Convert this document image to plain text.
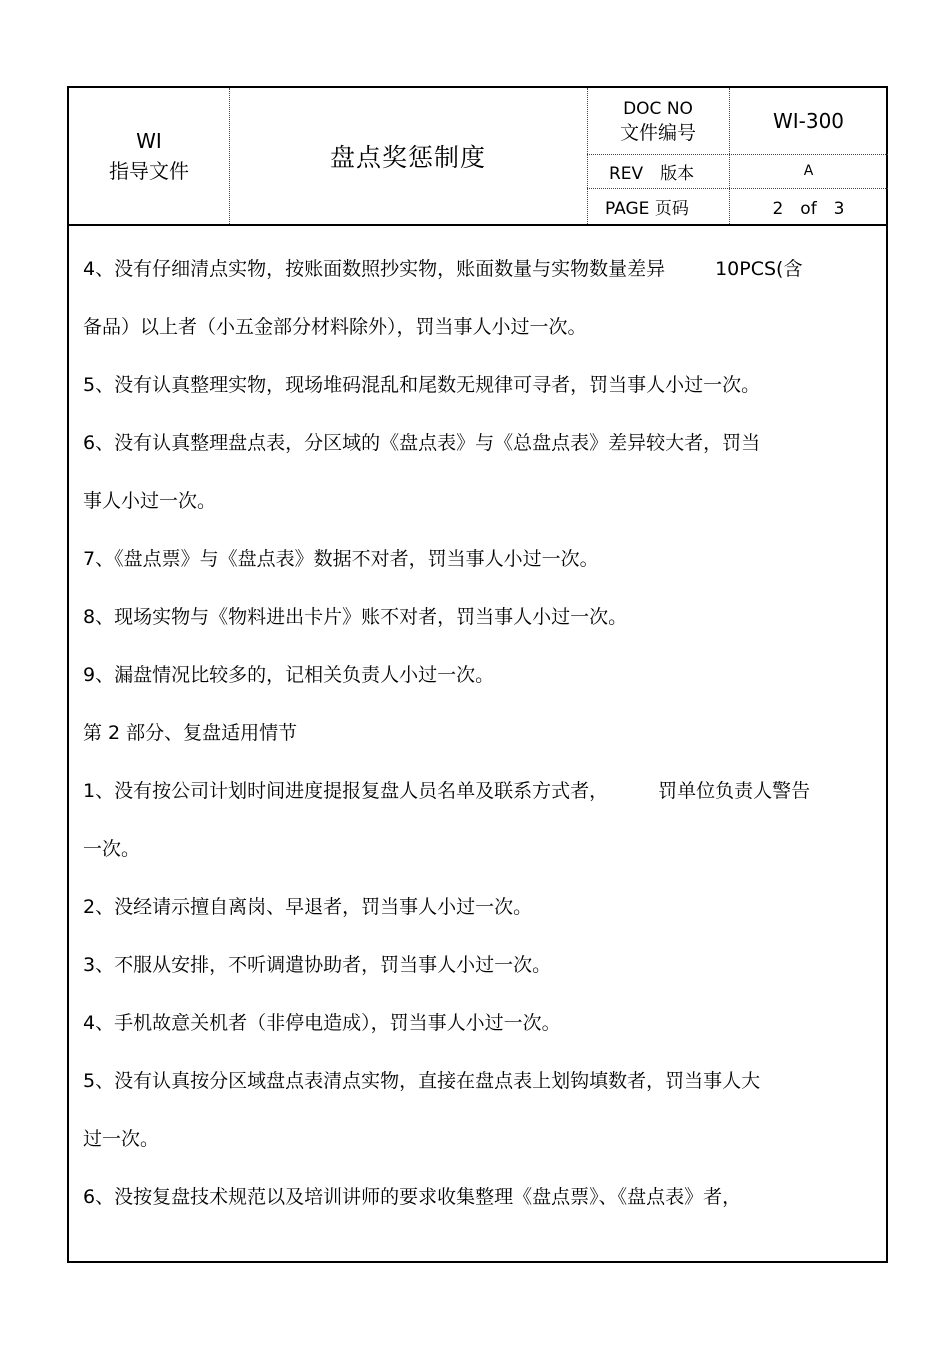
WI
指导文件	盘点奖惩制度
DOC NO
文件编号	WI-300
REV　版本	A
PAGE 页码	2　of　3
4、没有仔细清点实物，按账面数照抄实物，账面数量与实物数量差异	10PCS(含
备品）以上者（小五金部分材料除外），罚当事人小过一次。
5、没有认真整理实物，现场堆码混乱和尾数无规律可寻者，罚当事人小过一次。
6、没有认真整理盘点表，分区域的《盘点表》与《总盘点表》差异较大者，罚当
事人小过一次。
7、《盘点票》与《盘点表》数据不对者，罚当事人小过一次。
8、现场实物与《物料进出卡片》账不对者，罚当事人小过一次。
9、漏盘情况比较多的，记相关负责人小过一次。
第 2 部分、复盘适用情节
1、没有按公司计划时间进度提报复盘人员名单及联系方式者，	罚单位负责人警告
一次。
2、没经请示擅自离岗、早退者，罚当事人小过一次。
3、不服从安排，不听调遣协助者，罚当事人小过一次。
4、手机故意关机者（非停电造成），罚当事人小过一次。
5、没有认真按分区域盘点表清点实物，直接在盘点表上划钩填数者，罚当事人大
过一次。
6、没按复盘技术规范以及培训讲师的要求收集整理《盘点票》、《盘点表》者，
